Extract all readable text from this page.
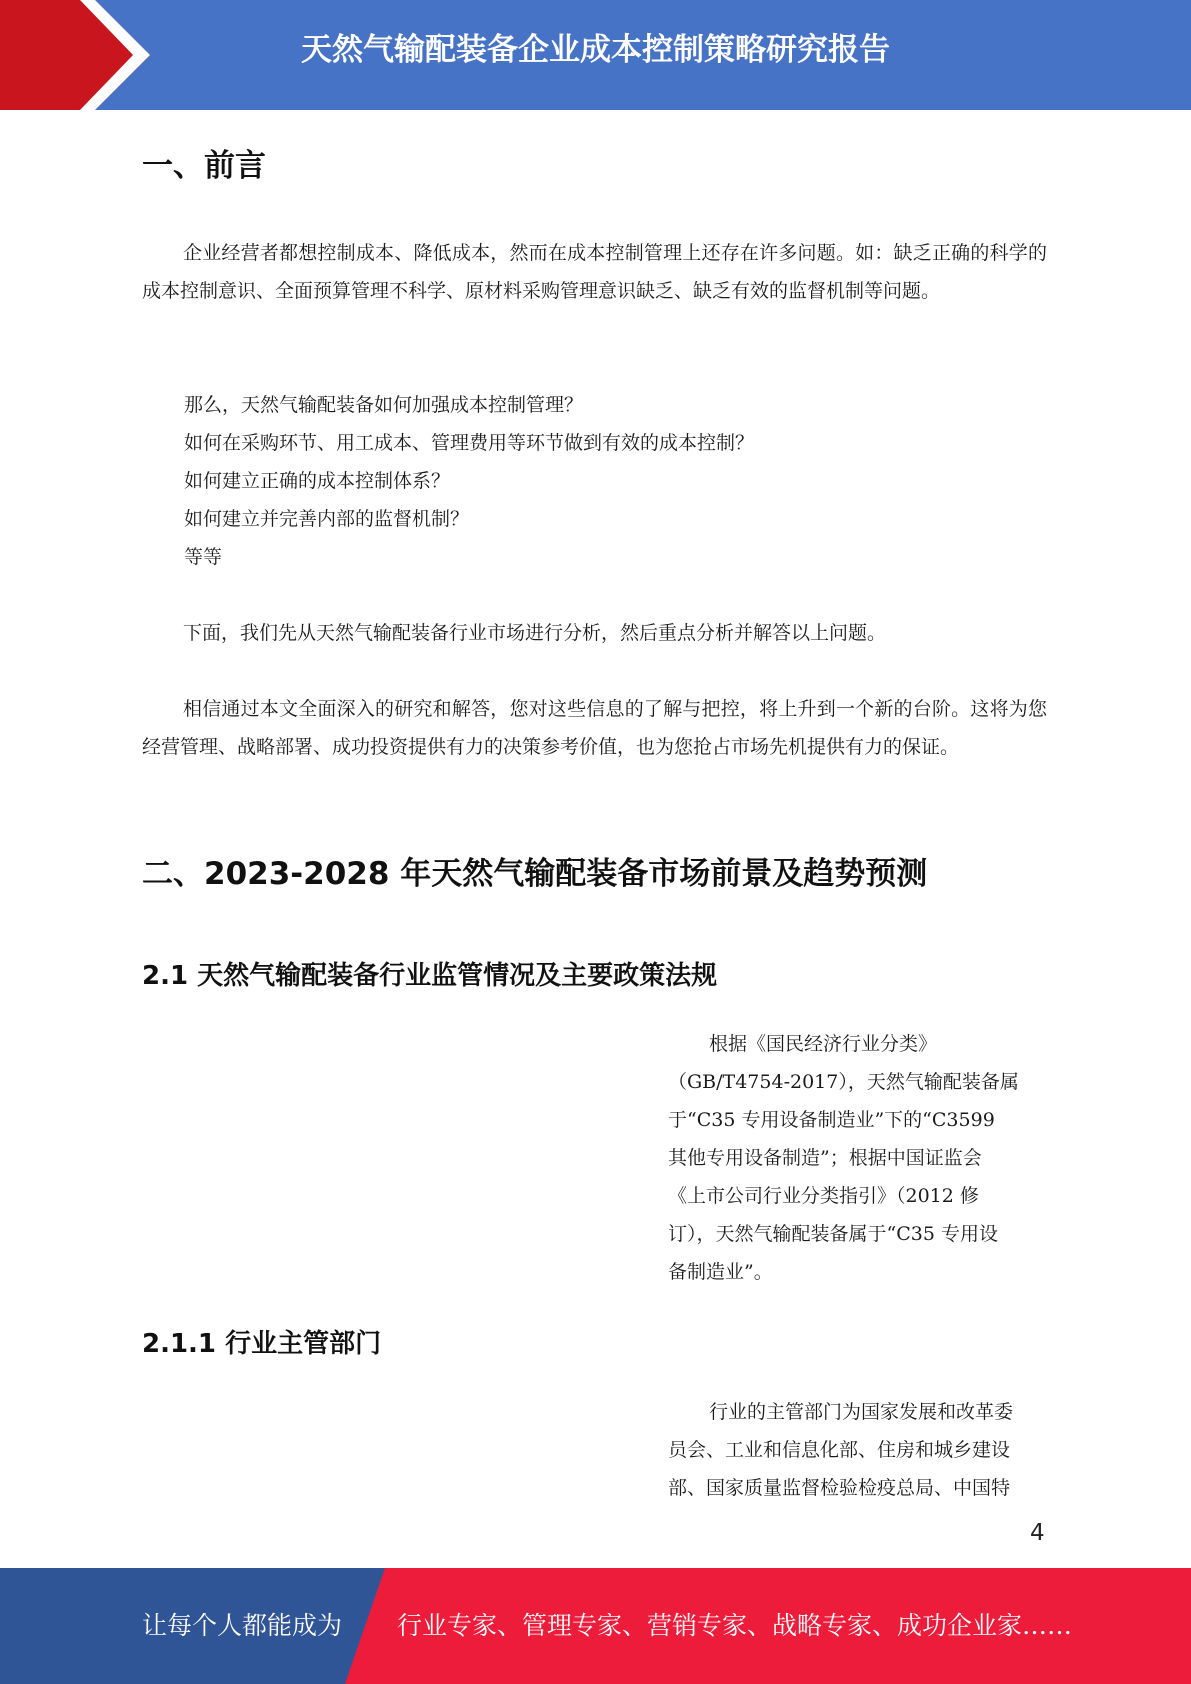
天然气输配装备企业成本控制策略研究报告
一、前言

企业经营者都想控制成本、降低成本，然而在成本控制管理上还存在许多问题。如：缺乏正确的科学的成本控制意识、全面预算管理不科学、原材料采购管理意识缺乏、缺乏有效的监督机制等问题。

那么，天然气输配装备如何加强成本控制管理？

如何在采购环节、用工成本、管理费用等环节做到有效的成本控制？

如何建立正确的成本控制体系？

如何建立并完善内部的监督机制？

等等

下面，我们先从天然气输配装备行业市场进行分析，然后重点分析并解答以上问题。

相信通过本文全面深入的研究和解答，您对这些信息的了解与把控，将上升到一个新的台阶。这将为您经营管理、战略部署、成功投资提供有力的决策参考价值，也为您抢占市场先机提供有力的保证。

二、2023-2028 年天然气输配装备市场前景及趋势预测
2.1 天然气输配装备行业监管情况及主要政策法规

根据《国民经济行业分类》

（GB/T4754-2017），天然气输配装备属

于“C35 专用设备制造业”下的“C3599

其他专用设备制造”；根据中国证监会

《上市公司行业分类指引》（2012 修

订），天然气输配装备属于“C35 专用设

备制造业”。

2.1.1 行业主管部门

行业的主管部门为国家发展和改革委

员会、工业和信息化部、住房和城乡建设

部、国家质量监督检验检疫总局、中国特

4
让每个人都能成为 行业专家、管理专家、营销专家、战略专家、成功企业家……
